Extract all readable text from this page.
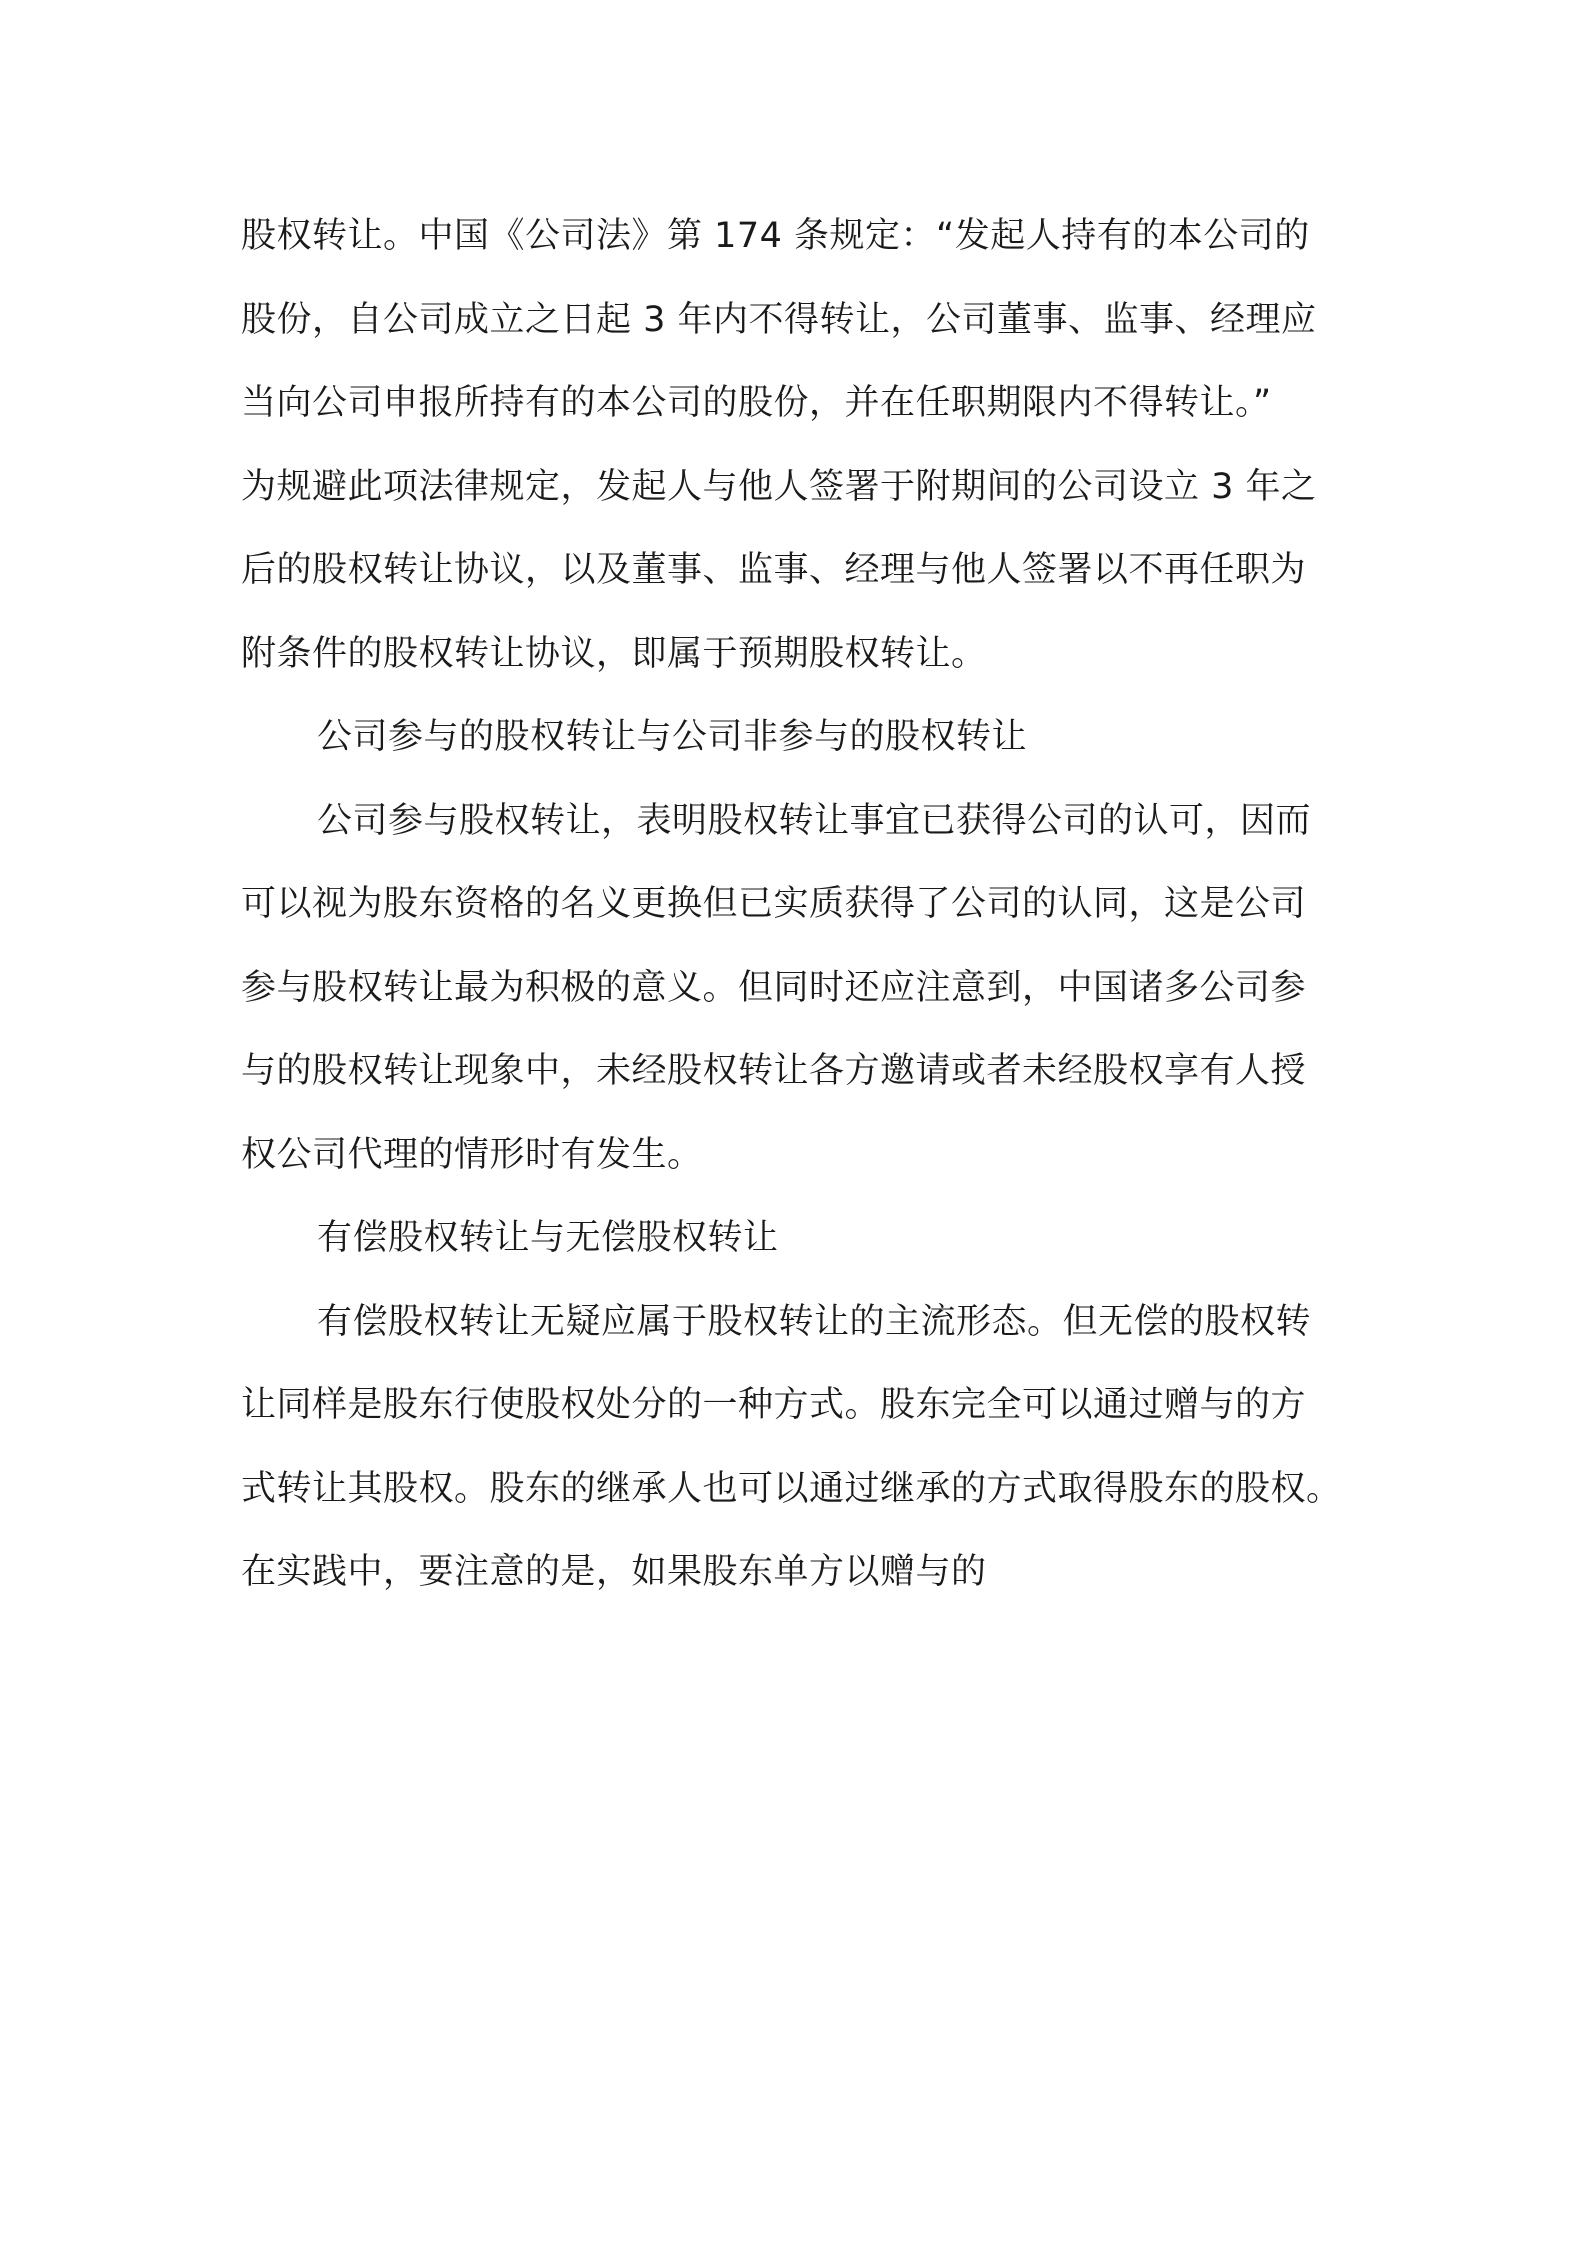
股权转让。中国《公司法》第 174 条规定：“发起人持有的本公司的
股份，自公司成立之日起 3 年内不得转让，公司董事、监事、经理应
当向公司申报所持有的本公司的股份，并在任职期限内不得转让。”
为规避此项法律规定，发起人与他人签署于附期间的公司设立 3 年之
后的股权转让协议，以及董事、监事、经理与他人签署以不再任职为
附条件的股权转让协议，即属于预期股权转让。
公司参与的股权转让与公司非参与的股权转让
公司参与股权转让，表明股权转让事宜已获得公司的认可，因而
可以视为股东资格的名义更换但已实质获得了公司的认同，这是公司
参与股权转让最为积极的意义。但同时还应注意到，中国诸多公司参
与的股权转让现象中，未经股权转让各方邀请或者未经股权享有人授
权公司代理的情形时有发生。
有偿股权转让与无偿股权转让
有偿股权转让无疑应属于股权转让的主流形态。但无偿的股权转
让同样是股东行使股权处分的一种方式。股东完全可以通过赠与的方
式转让其股权。股东的继承人也可以通过继承的方式取得股东的股权。
在实践中，要注意的是，如果股东单方以赠与的
